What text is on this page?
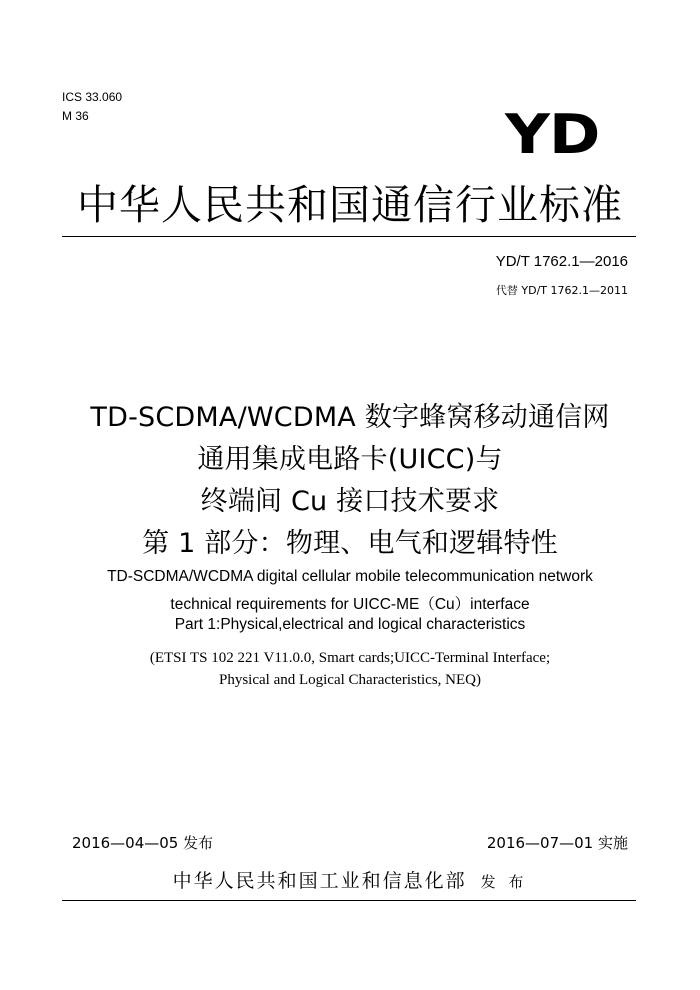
ICS 33.060
M 36	YD
中华人民共和国通信行业标准
YD/T 1762.1—2016
代替 YD/T 1762.1—2011
TD-SCDMA/WCDMA 数字蜂窝移动通信网
通用集成电路卡(UICC)与
终端间 Cu 接口技术要求
第 1 部分：物理、电气和逻辑特性
TD-SCDMA/WCDMA digital cellular mobile telecommunication network
technical requirements for UICC-ME（Cu）interface
Part 1:Physical,electrical and logical characteristics
(ETSI TS 102 221 V11.0.0, Smart cards;UICC-Terminal Interface;
Physical and Logical Characteristics, NEQ)
2016—04—05 发布	2016—07—01 实施
中华人民共和国工业和信息化部 发 布
